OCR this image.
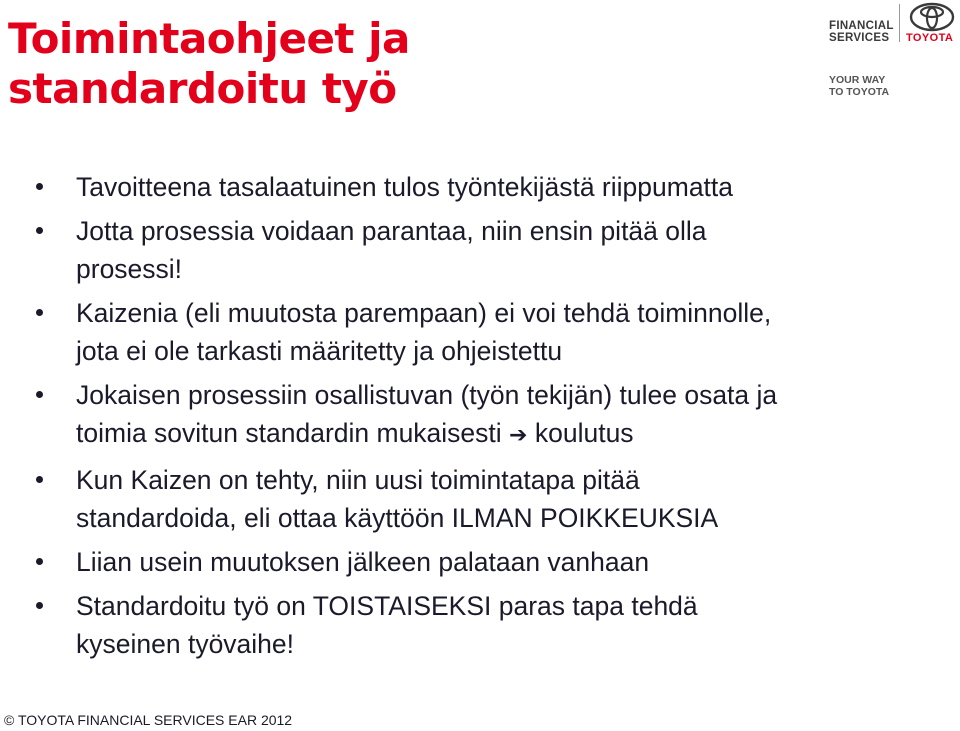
Toimintaohjeet ja
standardoitu työ
FINANCIAL
SERVICES	TOYOTA
YOUR WAY
TO TOYOTA
Tavoitteena tasalaatuinen tulos työntekijästä riippumatta
Jotta prosessia voidaan parantaa, niin ensin pitää olla
prosessi!
Kaizenia (eli muutosta parempaan) ei voi tehdä toiminnolle,
jota ei ole tarkasti määritetty ja ohjeistettu
Jokaisen prosessiin osallistuvan (työn tekijän) tulee osata ja
toimia sovitun standardin mukaisesti ➔ koulutus
Kun Kaizen on tehty, niin uusi toimintatapa pitää
standardoida, eli ottaa käyttöön ILMAN POIKKEUKSIA
Liian usein muutoksen jälkeen palataan vanhaan
Standardoitu työ on TOISTAISEKSI paras tapa tehdä
kyseinen työvaihe!
© TOYOTA FINANCIAL SERVICES EAR 2012
